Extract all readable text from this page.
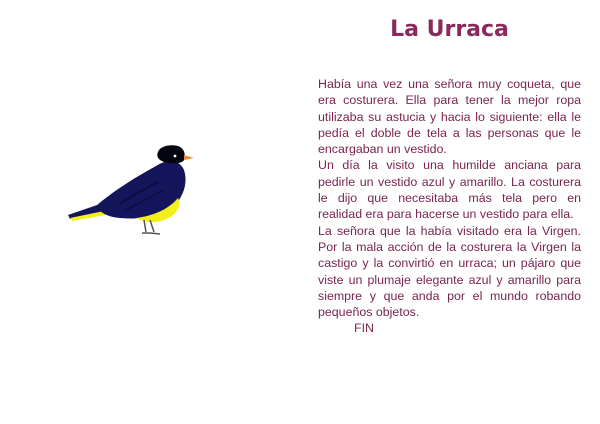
La Urraca

Había una vez una señora muy coqueta, que era costurera. Ella para tener la mejor ropa utilizaba su astucia y hacia lo siguiente: ella le pedía el doble de tela a las personas que le encargaban un vestido.

Un día la visito una humilde anciana para pedirle un vestido azul y amarillo. La costurera le dijo que necesitaba más tela pero en realidad era para hacerse un vestido para ella.

La señora que la había visitado era la Virgen. Por la mala acción de la costurera la Virgen la castigo y la convirtió en urraca; un pájaro que viste un plumaje elegante azul y amarillo para siempre y que anda por el mundo robando pequeños objetos.

FIN
